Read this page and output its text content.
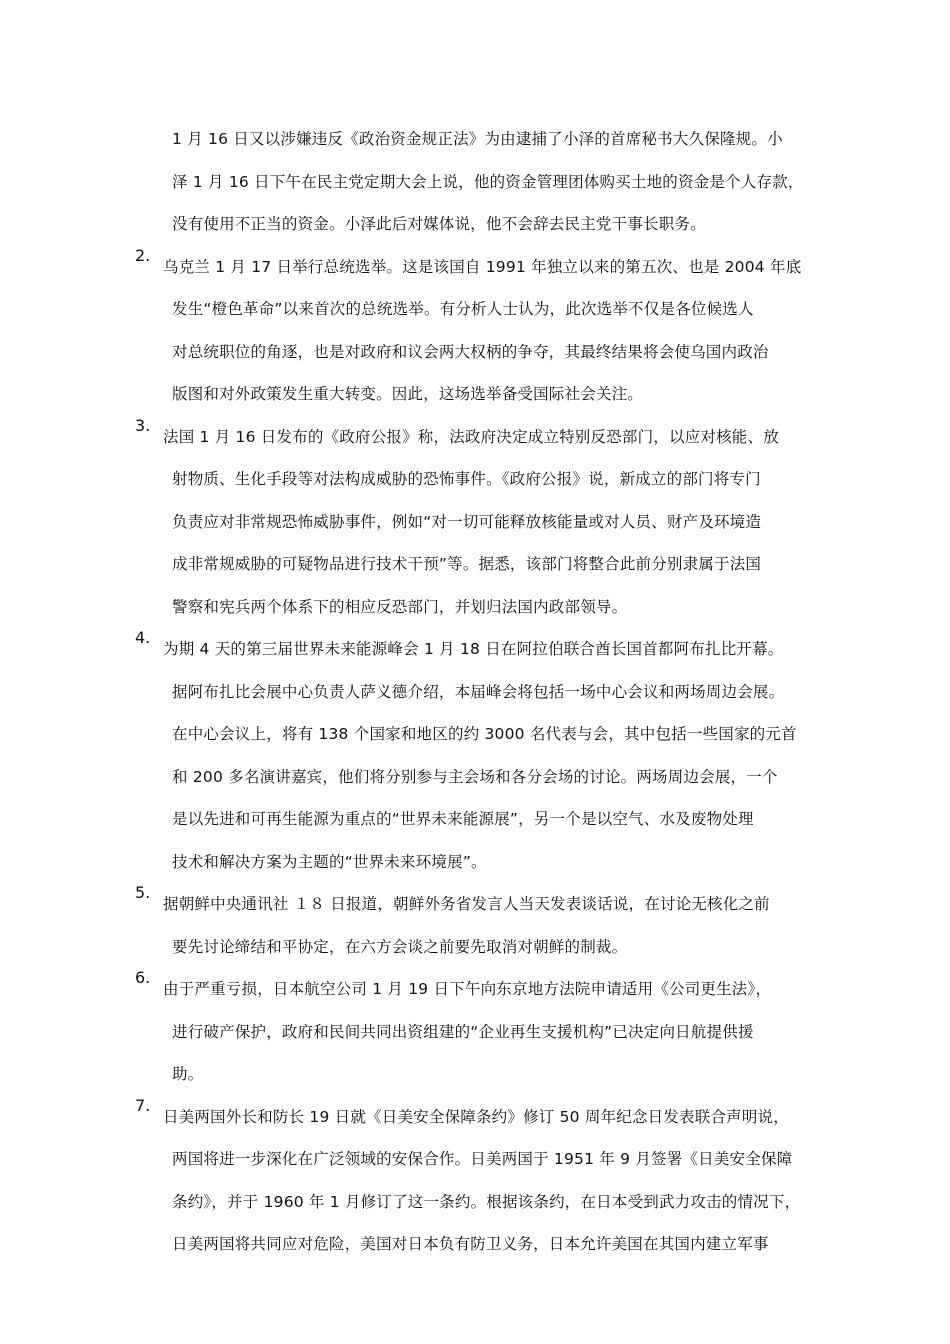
1 月 16 日又以涉嫌违反《政治资金规正法》为由逮捕了小泽的首席秘书大久保隆规。小
泽 1 月 16 日下午在民主党定期大会上说，他的资金管理团体购买土地的资金是个人存款，
没有使用不正当的资金。小泽此后对媒体说，他不会辞去民主党干事长职务。
2.
乌克兰 1 月 17 日举行总统选举。这是该国自 1991 年独立以来的第五次、也是 2004 年底
发生“橙色革命”以来首次的总统选举。有分析人士认为，此次选举不仅是各位候选人
对总统职位的角逐，也是对政府和议会两大权柄的争夺，其最终结果将会使乌国内政治
版图和对外政策发生重大转变。因此，这场选举备受国际社会关注。
3.
法国 1 月 16 日发布的《政府公报》称，法政府决定成立特别反恐部门，以应对核能、放
射物质、生化手段等对法构成威胁的恐怖事件。《政府公报》说，新成立的部门将专门
负责应对非常规恐怖威胁事件，例如“对一切可能释放核能量或对人员、财产及环境造
成非常规威胁的可疑物品进行技术干预”等。据悉，该部门将整合此前分别隶属于法国
警察和宪兵两个体系下的相应反恐部门，并划归法国内政部领导。
4.
为期 4 天的第三届世界未来能源峰会 1 月 18 日在阿拉伯联合酋长国首都阿布扎比开幕。
据阿布扎比会展中心负责人萨义德介绍，本届峰会将包括一场中心会议和两场周边会展。
在中心会议上，将有 138 个国家和地区的约 3000 名代表与会，其中包括一些国家的元首
和 200 多名演讲嘉宾，他们将分别参与主会场和各分会场的讨论。两场周边会展，一个
是以先进和可再生能源为重点的“世界未来能源展”，另一个是以空气、水及废物处理
技术和解决方案为主题的“世界未来环境展”。
5.
据朝鲜中央通讯社 １８ 日报道，朝鲜外务省发言人当天发表谈话说，在讨论无核化之前
要先讨论缔结和平协定，在六方会谈之前要先取消对朝鲜的制裁。
6.
由于严重亏损，日本航空公司 1 月 19 日下午向东京地方法院申请适用《公司更生法》，
进行破产保护，政府和民间共同出资组建的“企业再生支援机构”已决定向日航提供援
助。
7.
日美两国外长和防长 19 日就《日美安全保障条约》修订 50 周年纪念日发表联合声明说，
两国将进一步深化在广泛领域的安保合作。日美两国于 1951 年 9 月签署《日美安全保障
条约》，并于 1960 年 1 月修订了这一条约。根据该条约，在日本受到武力攻击的情况下，
日美两国将共同应对危险，美国对日本负有防卫义务，日本允许美国在其国内建立军事
